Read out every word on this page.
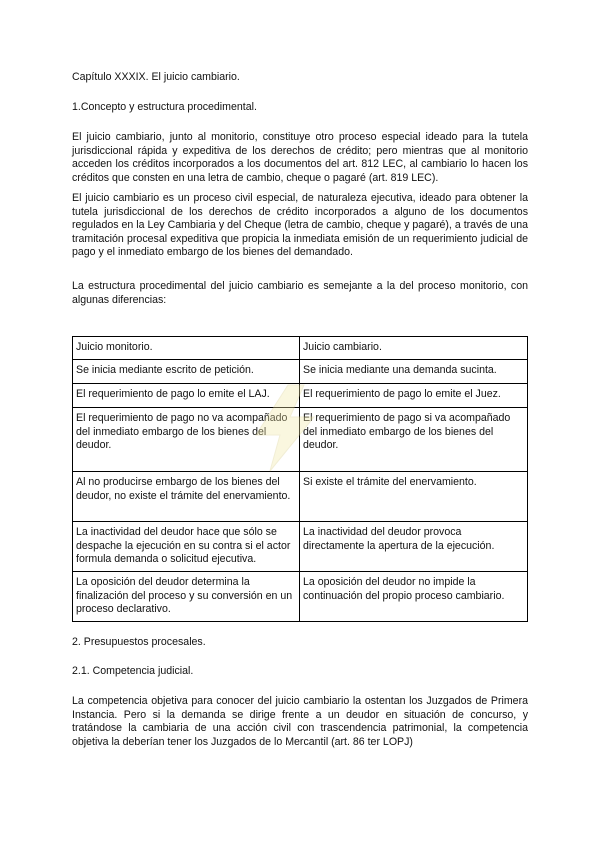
Capítulo XXXIX. El juicio cambiario.

1.Concepto y estructura procedimental.

El juicio cambiario, junto al monitorio, constituye otro proceso especial ideado para la tutela jurisdiccional rápida y expeditiva de los derechos de crédito; pero mientras que al monitorio acceden los créditos incorporados a los documentos del art. 812 LEC, al cambiario lo hacen los créditos que consten en una letra de cambio, cheque o pagaré (art. 819 LEC).

El juicio cambiario es un proceso civil especial, de naturaleza ejecutiva, ideado para obtener la tutela jurisdiccional de los derechos de crédito incorporados a alguno de los documentos regulados en la Ley Cambiaria y del Cheque (letra de cambio, cheque y pagaré), a través de una tramitación procesal expeditiva que propicia la inmediata emisión de un requerimiento judicial de pago y el inmediato embargo de los bienes del demandado.

La estructura procedimental del juicio cambiario es semejante a la del proceso monitorio, con algunas diferencias:

Juicio monitorio.	Juicio cambiario.
Se inicia mediante escrito de petición.	Se inicia mediante una demanda sucinta.
El requerimiento de pago lo emite el LAJ.	El requerimiento de pago lo emite el Juez.
El requerimiento de pago no va acompañado del inmediato embargo de los bienes del deudor.	El requerimiento de pago si va acompañado del inmediato embargo de los bienes del deudor.
Al no producirse embargo de los bienes del deudor, no existe el trámite del enervamiento.	Si existe el trámite del enervamiento.
La inactividad del deudor hace que sólo se despache la ejecución en su contra si el actor formula demanda o solicitud ejecutiva.	La inactividad del deudor provoca directamente la apertura de la ejecución.
La oposición del deudor determina la finalización del proceso y su conversión en un proceso declarativo.	La oposición del deudor no impide la continuación del propio proceso cambiario.

2. Presupuestos procesales.

2.1. Competencia judicial.

La competencia objetiva para conocer del juicio cambiario la ostentan los Juzgados de Primera Instancia. Pero si la demanda se dirige frente a un deudor en situación de concurso, y tratándose la cambiaria de una acción civil con trascendencia patrimonial, la competencia objetiva la deberían tener los Juzgados de lo Mercantil (art. 86 ter LOPJ)
